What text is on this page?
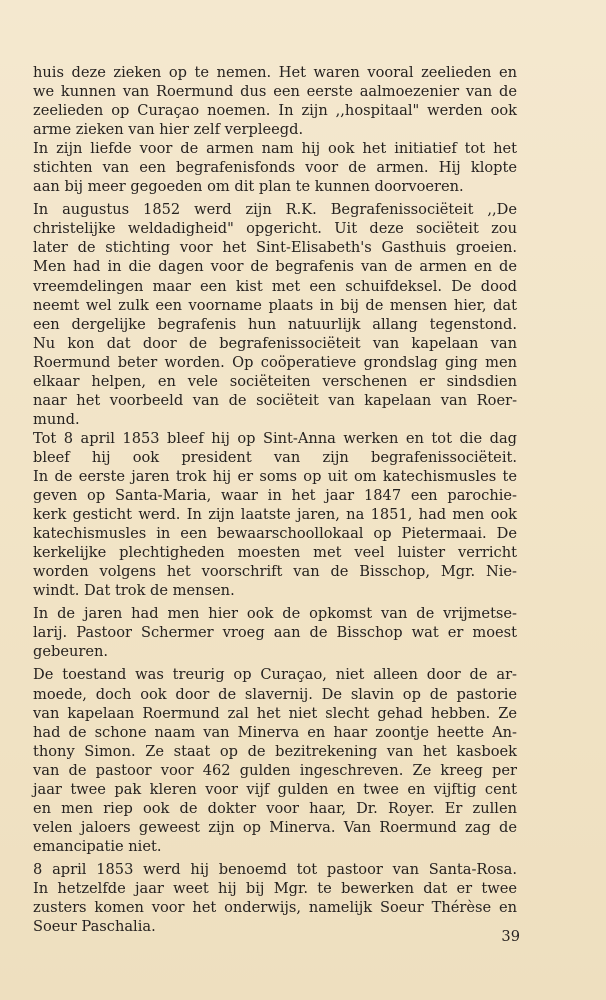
huis deze zieken op te nemen. Het waren vooral zeelieden en
we kunnen van Roermund dus een eerste aalmoezenier van de
zeelieden op Curaçao noemen. In zijn ,,hospitaal" werden ook
arme zieken van hier zelf verpleegd.
In zijn liefde voor de armen nam hij ook het initiatief tot het
stichten van een begrafenisfonds voor de armen. Hij klopte
aan bij meer gegoeden om dit plan te kunnen doorvoeren.
In augustus 1852 werd zijn R.K. Begrafenissociëteit ,,De
christelijke weldadigheid" opgericht. Uit deze sociëteit zou
later de stichting voor het Sint-Elisabeth's Gasthuis groeien.
Men had in die dagen voor de begrafenis van de armen en de
vreemdelingen maar een kist met een schuifdeksel. De dood
neemt wel zulk een voorname plaats in bij de mensen hier, dat
een dergelijke begrafenis hun natuurlijk allang tegenstond.
Nu kon dat door de begrafenissociëteit van kapelaan van
Roermund beter worden. Op coöperatieve grondslag ging men
elkaar helpen, en vele sociëteiten verschenen er sindsdien
naar het voorbeeld van de sociëteit van kapelaan van Roer-
mund.
Tot 8 april 1853 bleef hij op Sint-Anna werken en tot die dag
bleef hij ook president van zijn begrafenissociëteit.
In de eerste jaren trok hij er soms op uit om katechismusles te
geven op Santa-Maria, waar in het jaar 1847 een parochie-
kerk gesticht werd. In zijn laatste jaren, na 1851, had men ook
katechismusles in een bewaarschoollokaal op Pietermaai. De
kerkelijke plechtigheden moesten met veel luister verricht
worden volgens het voorschrift van de Bisschop, Mgr. Nie-
windt. Dat trok de mensen.
In de jaren had men hier ook de opkomst van de vrijmetse-
larij. Pastoor Schermer vroeg aan de Bisschop wat er moest
gebeuren.
De toestand was treurig op Curaçao, niet alleen door de ar-
moede, doch ook door de slavernij. De slavin op de pastorie
van kapelaan Roermund zal het niet slecht gehad hebben. Ze
had de schone naam van Minerva en haar zoontje heette An-
thony Simon. Ze staat op de bezitrekening van het kasboek
van de pastoor voor 462 gulden ingeschreven. Ze kreeg per
jaar twee pak kleren voor vijf gulden en twee en vijftig cent
en men riep ook de dokter voor haar, Dr. Royer. Er zullen
velen jaloers geweest zijn op Minerva. Van Roermund zag de
emancipatie niet.
8 april 1853 werd hij benoemd tot pastoor van Santa-Rosa.
In hetzelfde jaar weet hij bij Mgr. te bewerken dat er twee
zusters komen voor het onderwijs, namelijk Soeur Thérèse en
Soeur Paschalia.
39
